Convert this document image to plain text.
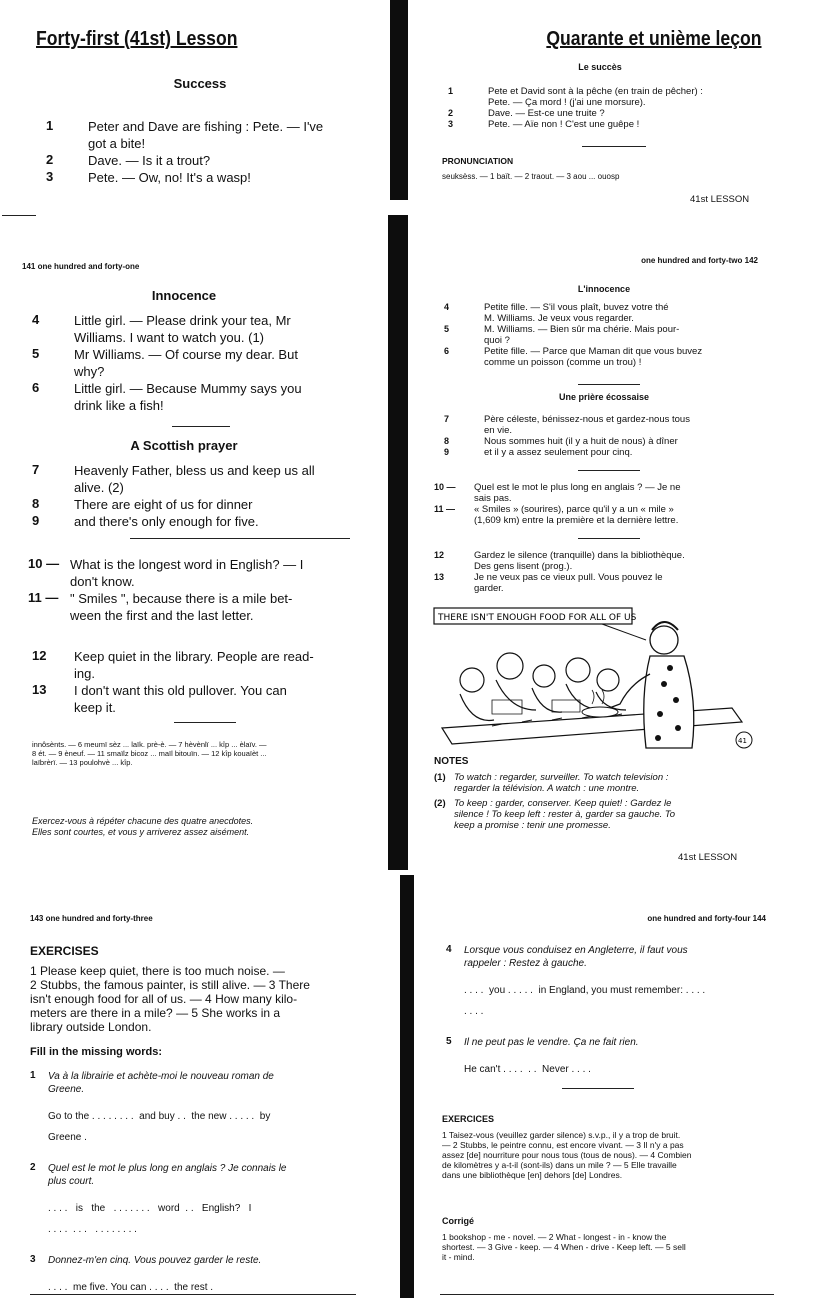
Forty-first (41st) Lesson	Quarante et unième leçon
Success
Le succès
1	Peter and Dave are fishing : Pete. — I've
got a bite!
2	Dave. — Is it a trout?
3	Pete. — Ow, no! It's a wasp!
1	Pete et David sont à la pêche (en train de pêcher) :
Pete. — Ça mord ! (j'ai une morsure).
2	Dave. — Est-ce une truite ?
3	Pete. — Aïe non ! C'est une guêpe !
PRONUNCIATION
seuksèss. — 1 baït. — 2 traout. — 3 aou ... ouosp
41st LESSON
141 one hundred and forty-one
Innocence
4	Little girl. — Please drink your tea, Mr
Williams. I want to watch you. (1)
5	Mr Williams. — Of course my dear. But
why?
6	Little girl. — Because Mummy says you
drink like a fish!
A Scottish prayer
7	Heavenly Father, bless us and keep us all
alive. (2)
8	There are eight of us for dinner
9	and there's only enough for five.
10 — What is the longest word in English? — I
don't know.
11 — " Smiles ", because there is a mile bet-
ween the first and the last letter.
12	Keep quiet in the library. People are read-
ing.
13	I don't want this old pullover. You can
keep it.
innôsènts. — 6 meumï sèz ... laïk. prè-è. — 7 hèvènlï ... kîp ... èlaïv. —
8 ét. — 9 èneuf. — 11 smaïlz bicoz ... maïl bitouïn. — 12 kîp kouaïèt ...
laïbrèrï. — 13 poulohvè ... kîp.
Exercez-vous à répéter chacune des quatre anecdotes.
Elles sont courtes, et vous y arriverez assez aisément.
one hundred and forty-two 142
L'innocence
4	Petite fille. — S'il vous plaît, buvez votre thé
M. Williams. Je veux vous regarder.
5	M. Williams. — Bien sûr ma chérie. Mais pour-
quoi ?
6	Petite fille. — Parce que Maman dit que vous buvez
comme un poisson (comme un trou) !
Une prière écossaise
7	Père céleste, bénissez-nous et gardez-nous tous
en vie.
8	Nous sommes huit (il y a huit de nous) à dîner
9	et il y a assez seulement pour cinq.
10 —	Quel est le mot le plus long en anglais ? — Je ne
sais pas.
11 —	« Smiles » (sourires), parce qu'il y a un « mile »
(1,609 km) entre la première et la dernière lettre.
12	Gardez le silence (tranquille) dans la bibliothèque.
Des gens lisent (prog.).
13	Je ne veux pas ce vieux pull. Vous pouvez le
garder.
THERE ISN'T ENOUGH FOOD FOR ALL OF US
41
NOTES
(1) To watch : regarder, surveiller. To watch television :
regarder la télévision. A watch : une montre.
(2) To keep : garder, conserver. Keep quiet! : Gardez le
silence ! To keep left : rester à, garder sa gauche. To
keep a promise : tenir une promesse.
41st LESSON
143 one hundred and forty-three
EXERCISES
1 Please keep quiet, there is too much noise. —
2 Stubbs, the famous painter, is still alive. — 3 There
isn't enough food for all of us. — 4 How many kilo-
meters are there in a mile? — 5 She works in a
library outside London.
Fill in the missing words:
1	Va à la librairie et achète-moi le nouveau roman de
Greene.
Go to the . . . . . . . .  and buy . .  the new . . . . .  by
Greene .
2	Quel est le mot le plus long en anglais ? Je connais le
plus court.
. . . .   is   the   . . . . . . .   word  . .   English?   I
. . . .  . . .   . . . . . . . .
3	Donnez-m'en cinq. Vous pouvez garder le reste.
. . . .  me five. You can . . . .  the rest .
one hundred and forty-four 144
4	Lorsque vous conduisez en Angleterre, il faut vous
rappeler : Restez à gauche.
. . . .  you . . . . .  in England, you must remember: . . . .
. . . .
5	Il ne peut pas le vendre. Ça ne fait rien.
He can't . . . .  . .  Never . . . .
EXERCICES
1 Taisez-vous (veuillez garder silence) s.v.p., il y a trop de bruit.
— 2 Stubbs, le peintre connu, est encore vivant. — 3 Il n'y a pas
assez [de] nourriture pour nous tous (tous de nous). — 4 Combien
de kilomètres y a-t-il (sont-ils) dans un mile ? — 5 Elle travaille
dans une bibliothèque [en] dehors [de] Londres.
Corrigé
1 bookshop - me - novel. — 2 What - longest - in - know the
shortest. — 3 Give - keep. — 4 When - drive - Keep left. — 5 sell
it - mind.
